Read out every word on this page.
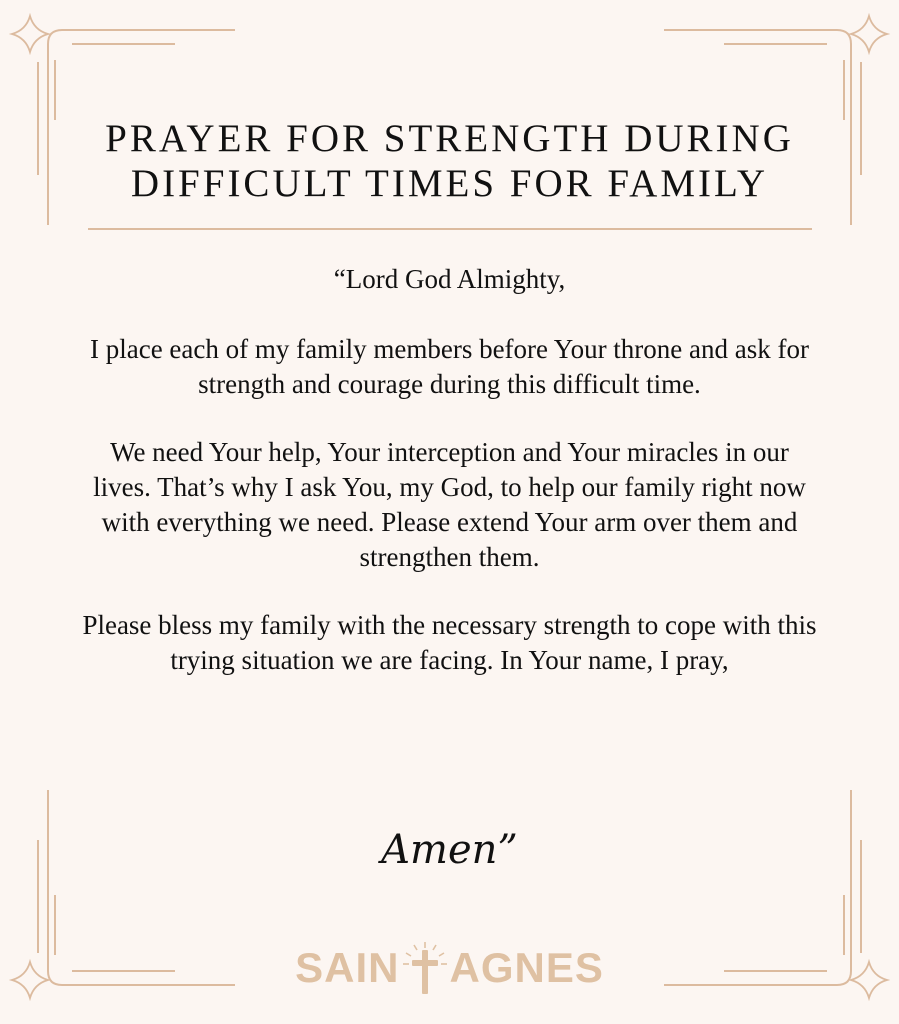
PRAYER FOR STRENGTH DURING
DIFFICULT TIMES FOR FAMILY

“Lord God Almighty,

I place each of my family members before Your throne and ask for strength and courage during this difficult time.

We need Your help, Your interception and Your miracles in our lives. That’s why I ask You, my God, to help our family right now with everything we need. Please extend Your arm over them and strengthen them.

Please bless my family with the necessary strength to cope with this trying situation we are facing. In Your name, I pray,

Amen”
SAIN AGNES
